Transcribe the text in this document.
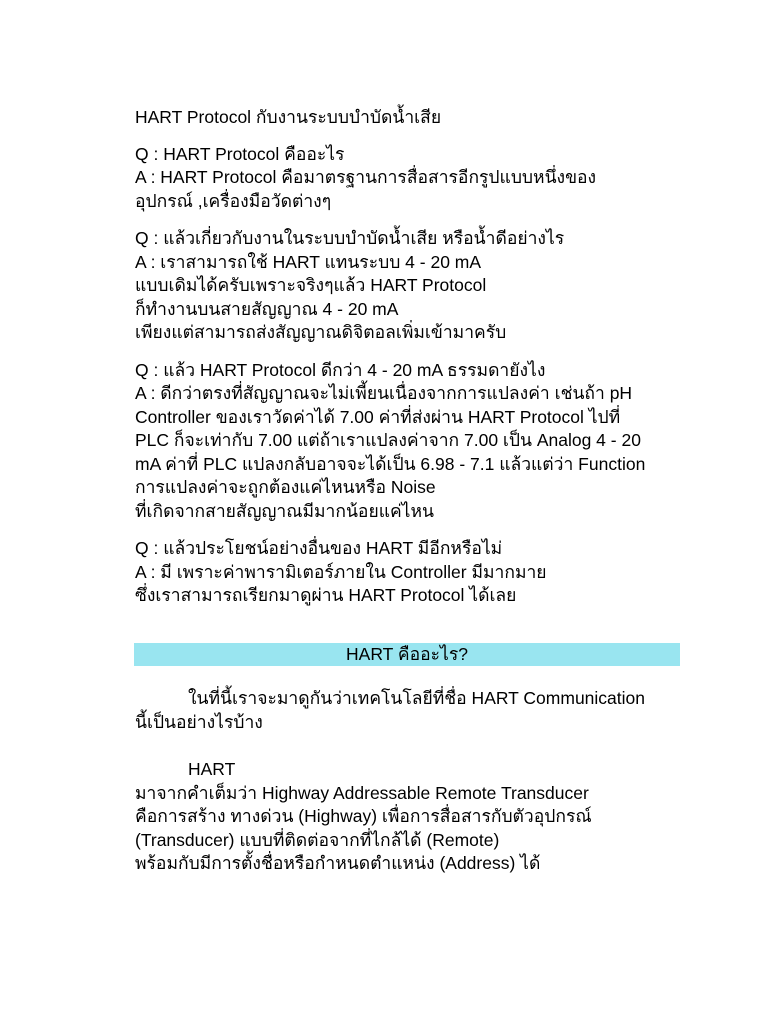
HART Protocol กับงานระบบบำบัดน้ำเสีย
Q : HART Protocol คืออะไร
A : HART Protocol คือมาตรฐานการสื่อสารอีกรูปแบบหนึ่งของ
อุปกรณ์ ,เครื่องมือวัดต่างๆ
Q : แล้วเกี่ยวกับงานในระบบบำบัดน้ำเสีย หรือน้ำดีอย่างไร
A : เราสามารถใช้ HART แทนระบบ 4 - 20 mA
แบบเดิมได้ครับเพราะจริงๆแล้ว HART Protocol
ก็ทำงานบนสายสัญญาณ 4 - 20 mA
เพียงแต่สามารถส่งสัญญาณดิจิตอลเพิ่มเข้ามาครับ
Q : แล้ว HART Protocol ดีกว่า 4 - 20 mA ธรรมดายังไง
A : ดีกว่าตรงที่สัญญาณจะไม่เพี้ยนเนื่องจากการแปลงค่า เช่นถ้า pH
Controller ของเราวัดค่าได้ 7.00 ค่าที่ส่งผ่าน HART Protocol ไปที่
PLC ก็จะเท่ากับ 7.00 แต่ถ้าเราแปลงค่าจาก 7.00 เป็น Analog 4 - 20
mA ค่าที่ PLC แปลงกลับอาจจะได้เป็น 6.98 - 7.1 แล้วแต่ว่า Function
การแปลงค่าจะถูกต้องแค่ไหนหรือ Noise
ที่เกิดจากสายสัญญาณมีมากน้อยแค่ไหน
Q : แล้วประโยชน์อย่างอื่นของ HART มีอีกหรือไม่
A : มี เพราะค่าพารามิเตอร์ภายใน Controller มีมากมาย
ซึ่งเราสามารถเรียกมาดูผ่าน HART Protocol ได้เลย
HART คืออะไร?
ในที่นี้เราจะมาดูกันว่าเทคโนโลยีที่ชื่อ HART Communication
นี้เป็นอย่างไรบ้าง
HART
มาจากคำเต็มว่า Highway Addressable Remote Transducer
คือการสร้าง ทางด่วน (Highway) เพื่อการสื่อสารกับตัวอุปกรณ์
(Transducer) แบบที่ติดต่อจากที่ไกล้ได้ (Remote)
พร้อมกับมีการตั้งชื่อหรือกำหนดตำแหน่ง (Address) ได้
